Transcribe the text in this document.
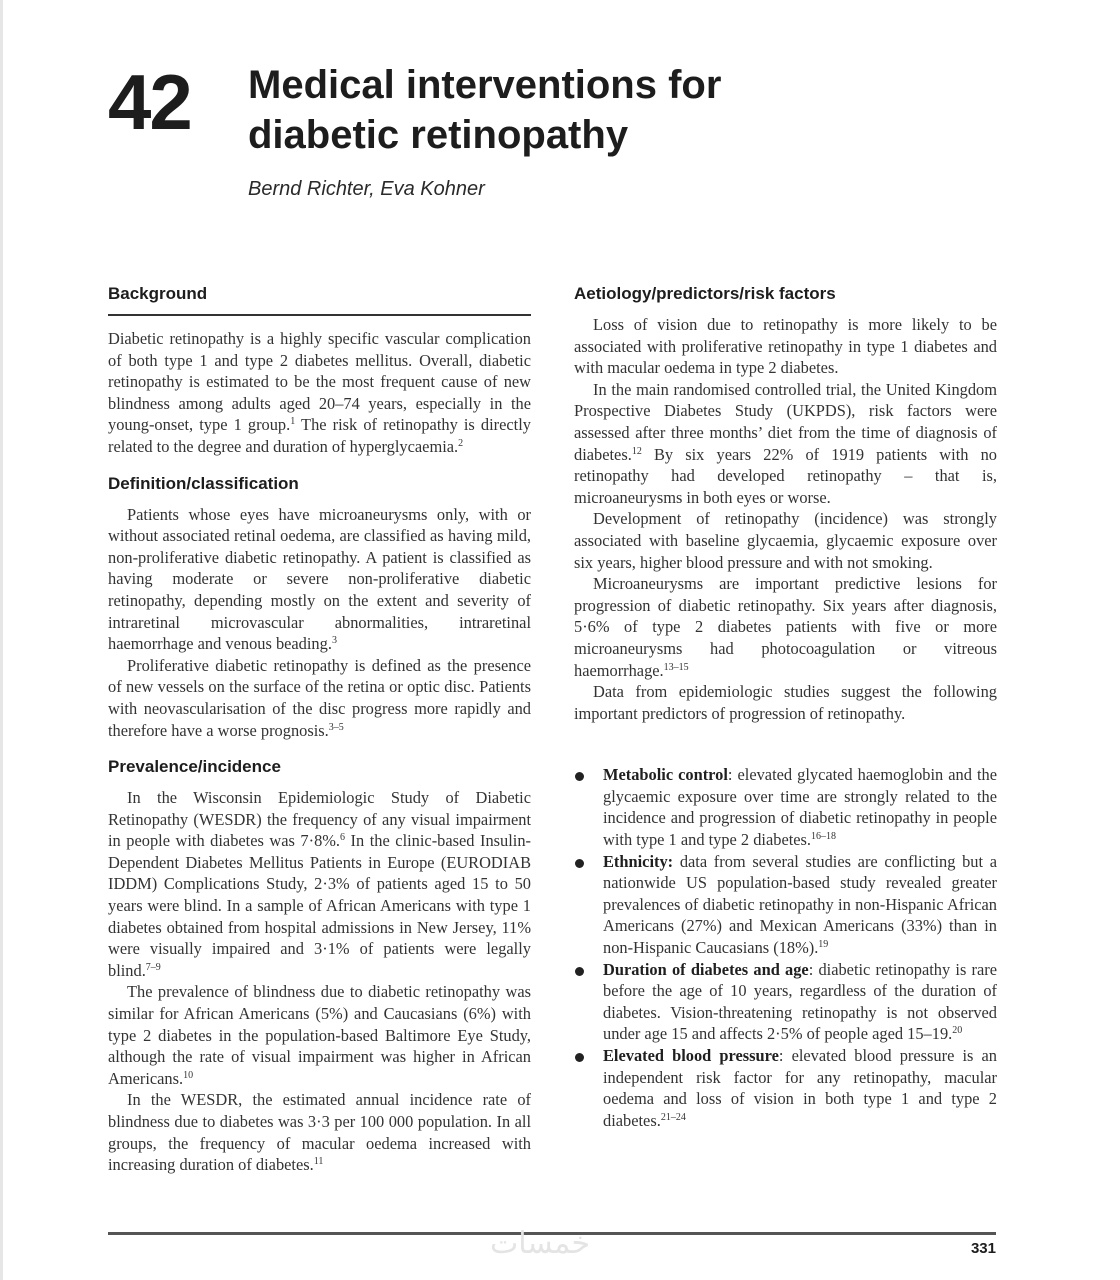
42 Medical interventions for
diabetic retinopathy
Bernd Richter, Eva Kohner
Background

Diabetic retinopathy is a highly specific vascular complication of both type 1 and type 2 diabetes mellitus. Overall, diabetic retinopathy is estimated to be the most frequent cause of new blindness among adults aged 20–74 years, especially in the young-onset, type 1 group.$^1$ The risk of retinopathy is directly related to the degree and duration of hyperglycaemia.$^2$

Definition/classification

Patients whose eyes have microaneurysms only, with or without associated retinal oedema, are classified as having mild, non-proliferative diabetic retinopathy. A patient is classified as having moderate or severe non-proliferative diabetic retinopathy, depending mostly on the extent and severity of intraretinal microvascular abnormalities, intraretinal haemorrhage and venous beading.$^3$

Proliferative diabetic retinopathy is defined as the presence of new vessels on the surface of the retina or optic disc. Patients with neovascularisation of the disc progress more rapidly and therefore have a worse prognosis.$^{3-5}$

Prevalence/incidence

In the Wisconsin Epidemiologic Study of Diabetic Retinopathy (WESDR) the frequency of any visual impairment in people with diabetes was 7·8%.$^6$ In the clinic-based Insulin-Dependent Diabetes Mellitus Patients in Europe (EURODIAB IDDM) Complications Study, 2·3% of patients aged 15 to 50 years were blind. In a sample of African Americans with type 1 diabetes obtained from hospital admissions in New Jersey, 11% were visually impaired and 3·1% of patients were legally blind.$^{7-9}$

The prevalence of blindness due to diabetic retinopathy was similar for African Americans (5%) and Caucasians (6%) with type 2 diabetes in the population-based Baltimore Eye Study, although the rate of visual impairment was higher in African Americans.$^{10}$

In the WESDR, the estimated annual incidence rate of blindness due to diabetes was 3·3 per 100 000 population. In all groups, the frequency of macular oedema increased with increasing duration of diabetes.$^{11}$

Aetiology/predictors/risk factors

Loss of vision due to retinopathy is more likely to be associated with proliferative retinopathy in type 1 diabetes and with macular oedema in type 2 diabetes.

In the main randomised controlled trial, the United Kingdom Prospective Diabetes Study (UKPDS), risk factors were assessed after three months’ diet from the time of diagnosis of diabetes.$^{12}$ By six years 22% of 1919 patients with no retinopathy had developed retinopathy – that is, microaneurysms in both eyes or worse.

Development of retinopathy (incidence) was strongly associated with baseline glycaemia, glycaemic exposure over six years, higher blood pressure and with not smoking.

Microaneurysms are important predictive lesions for progression of diabetic retinopathy. Six years after diagnosis, 5·6% of type 2 diabetes patients with five or more microaneurysms had photocoagulation or vitreous haemorrhage.$^{13-15}$

Data from epidemiologic studies suggest the following important predictors of progression of retinopathy.

Metabolic control: elevated glycated haemoglobin and the glycaemic exposure over time are strongly related to the incidence and progression of diabetic retinopathy in people with type 1 and type 2 diabetes.$^{16-18}$
Ethnicity: data from several studies are conflicting but a nationwide US population-based study revealed greater prevalences of diabetic retinopathy in non-Hispanic African Americans (27%) and Mexican Americans (33%) than in non-Hispanic Caucasians (18%).$^{19}$
Duration of diabetes and age: diabetic retinopathy is rare before the age of 10 years, regardless of the duration of diabetes. Vision-threatening retinopathy is not observed under age 15 and affects 2·5% of people aged 15–19.20
Elevated blood pressure: elevated blood pressure is an independent risk factor for any retinopathy, macular oedema and loss of vision in both type 1 and type 2 diabetes.$^{21-24}$
خمسات	331
